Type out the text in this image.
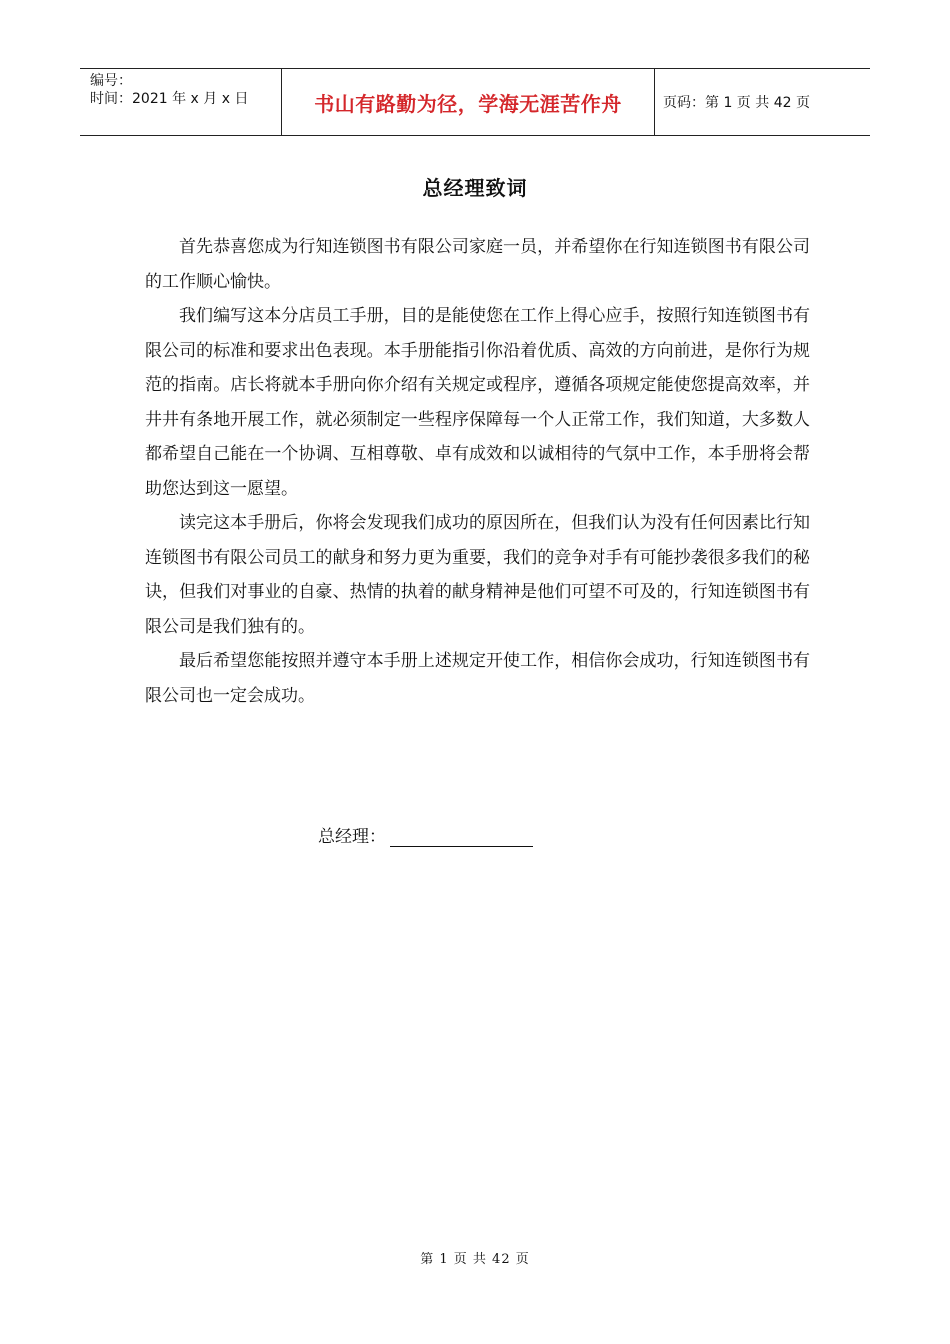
编号：
时间：2021 年 x 月 x 日	书山有路勤为径，学海无涯苦作舟	页码：第 1 页 共 42 页
总经理致词

首先恭喜您成为行知连锁图书有限公司家庭一员，并希望你在行知连锁图书有限公司的工作顺心愉快。

我们编写这本分店员工手册，目的是能使您在工作上得心应手，按照行知连锁图书有限公司的标准和要求出色表现。本手册能指引你沿着优质、高效的方向前进，是你行为规范的指南。店长将就本手册向你介绍有关规定或程序，遵循各项规定能使您提高效率，并井井有条地开展工作，就必须制定一些程序保障每一个人正常工作，我们知道，大多数人都希望自己能在一个协调、互相尊敬、卓有成效和以诚相待的气氛中工作，本手册将会帮助您达到这一愿望。

读完这本手册后，你将会发现我们成功的原因所在，但我们认为没有任何因素比行知连锁图书有限公司员工的献身和努力更为重要，我们的竞争对手有可能抄袭很多我们的秘诀，但我们对事业的自豪、热情的执着的献身精神是他们可望不可及的，行知连锁图书有限公司是我们独有的。

最后希望您能按照并遵守本手册上述规定开使工作，相信你会成功，行知连锁图书有限公司也一定会成功。

总经理：
第 1 页 共 42 页
